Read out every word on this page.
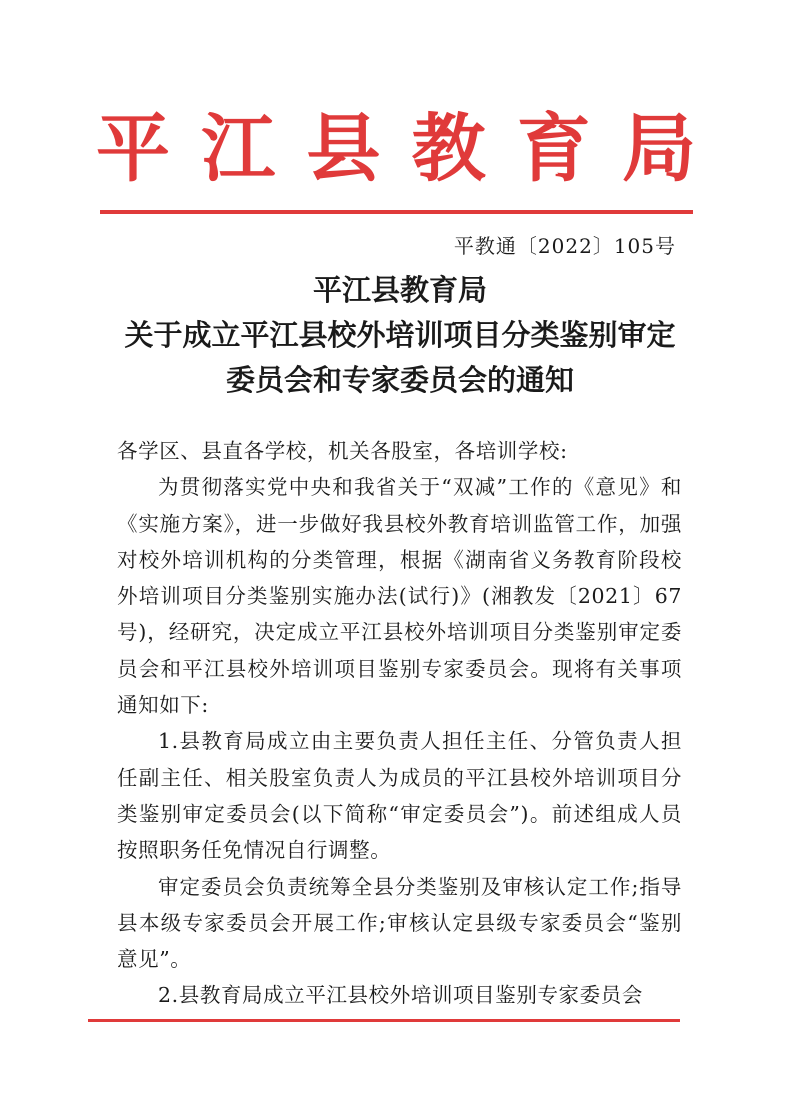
平 江 县 教 育 局
平教通〔2022〕105号
平江县教育局
关于成立平江县校外培训项目分类鉴别审定
委员会和专家委员会的通知

各学区、县直各学校，机关各股室，各培训学校:

为贯彻落实党中央和我省关于“双减”工作的《意见》和《实施方案》，进一步做好我县校外教育培训监管工作，加强对校外培训机构的分类管理，根据《湖南省义务教育阶段校外培训项目分类鉴别实施办法(试行)》(湘教发〔2021〕67号)，经研究，决定成立平江县校外培训项目分类鉴别审定委员会和平江县校外培训项目鉴别专家委员会。现将有关事项通知如下:

1.县教育局成立由主要负责人担任主任、分管负责人担任副主任、相关股室负责人为成员的平江县校外培训项目分类鉴别审定委员会(以下简称“审定委员会”)。前述组成人员按照职务任免情况自行调整。

审定委员会负责统筹全县分类鉴别及审核认定工作;指导县本级专家委员会开展工作;审核认定县级专家委员会“鉴别意见”。

2.县教育局成立平江县校外培训项目鉴别专家委员会
